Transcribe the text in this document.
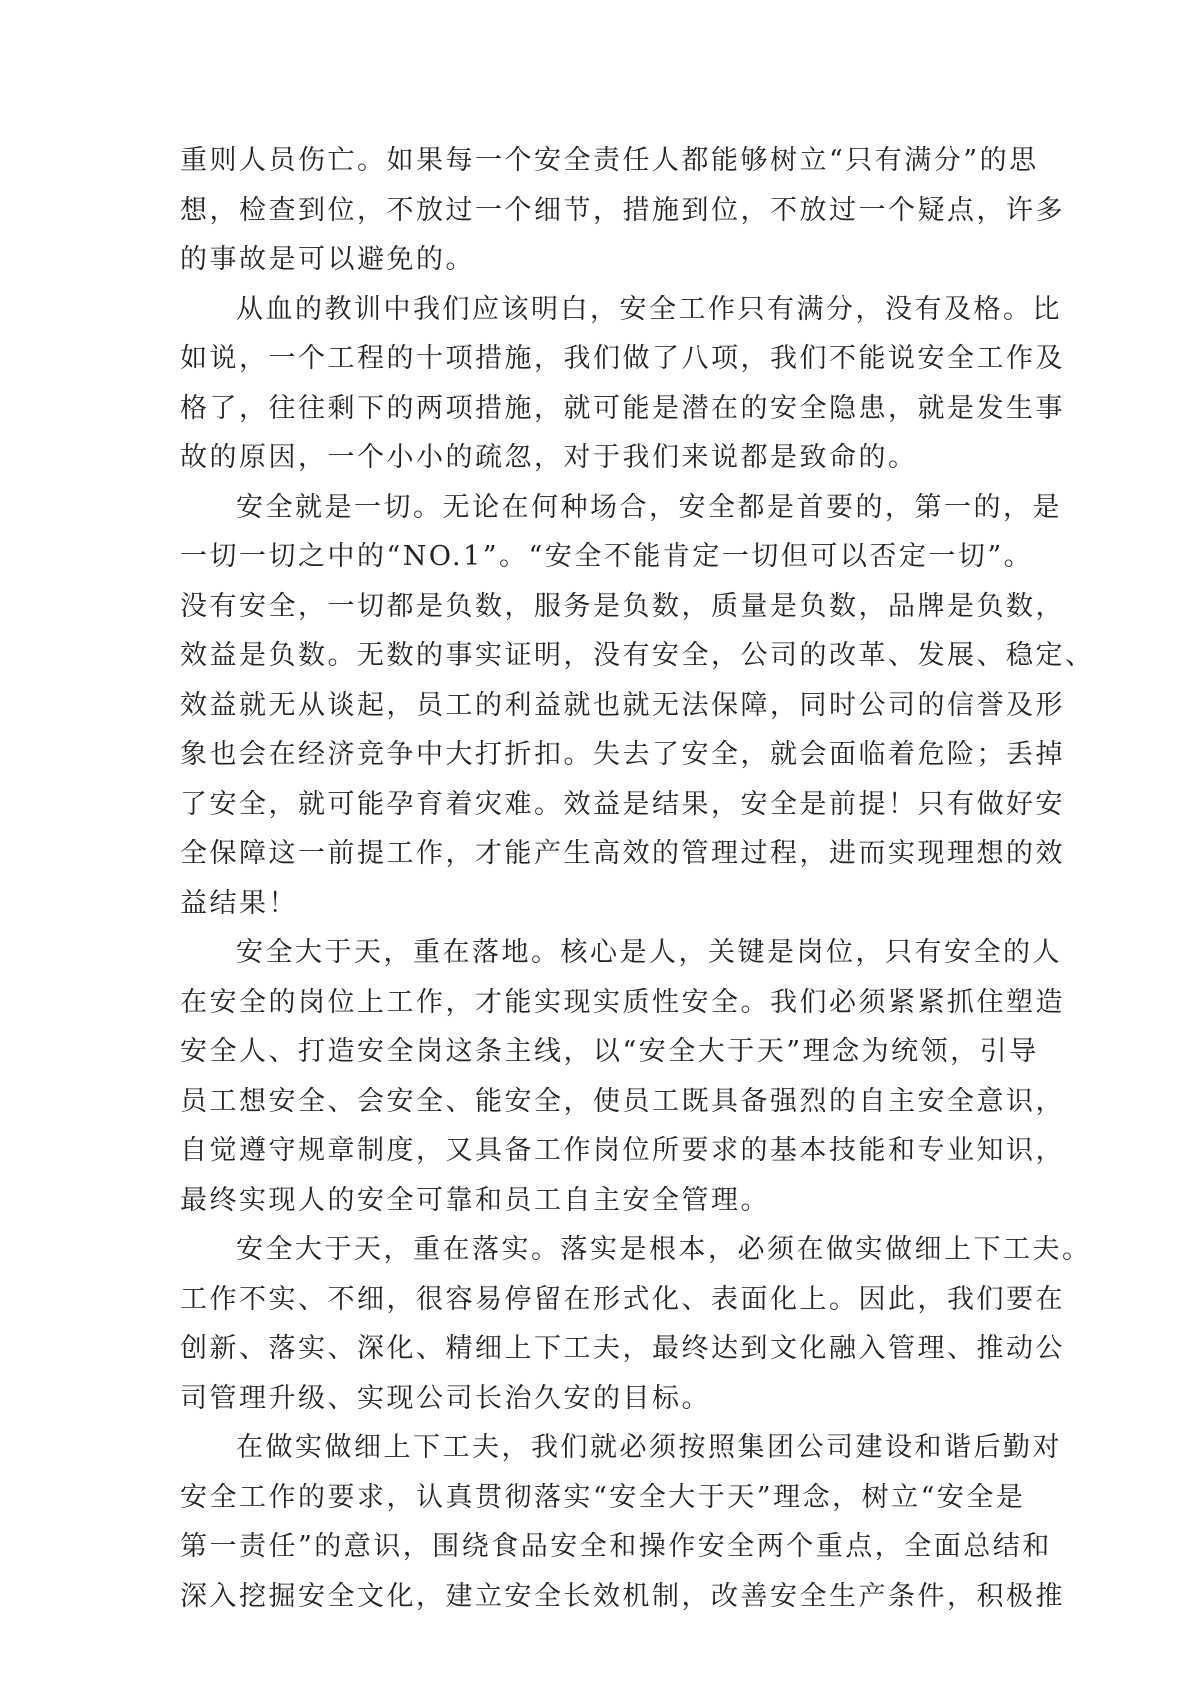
重则人员伤亡。如果每一个安全责任人都能够树立“只有满分”的思
想，检查到位，不放过一个细节，措施到位，不放过一个疑点，许多
的事故是可以避免的。
从血的教训中我们应该明白，安全工作只有满分，没有及格。比
如说，一个工程的十项措施，我们做了八项，我们不能说安全工作及
格了，往往剩下的两项措施，就可能是潜在的安全隐患，就是发生事
故的原因，一个小小的疏忽，对于我们来说都是致命的。
安全就是一切。无论在何种场合，安全都是首要的，第一的，是
一切一切之中的“NO.1”。“安全不能肯定一切但可以否定一切”。
没有安全，一切都是负数，服务是负数，质量是负数，品牌是负数，
效益是负数。无数的事实证明，没有安全，公司的改革、发展、稳定、
效益就无从谈起，员工的利益就也就无法保障，同时公司的信誉及形
象也会在经济竞争中大打折扣。失去了安全，就会面临着危险；丢掉
了安全，就可能孕育着灾难。效益是结果，安全是前提！只有做好安
全保障这一前提工作，才能产生高效的管理过程，进而实现理想的效
益结果！
安全大于天，重在落地。核心是人，关键是岗位，只有安全的人
在安全的岗位上工作，才能实现实质性安全。我们必须紧紧抓住塑造
安全人、打造安全岗这条主线，以“安全大于天”理念为统领，引导
员工想安全、会安全、能安全，使员工既具备强烈的自主安全意识，
自觉遵守规章制度，又具备工作岗位所要求的基本技能和专业知识，
最终实现人的安全可靠和员工自主安全管理。
安全大于天，重在落实。落实是根本，必须在做实做细上下工夫。
工作不实、不细，很容易停留在形式化、表面化上。因此，我们要在
创新、落实、深化、精细上下工夫，最终达到文化融入管理、推动公
司管理升级、实现公司长治久安的目标。
在做实做细上下工夫，我们就必须按照集团公司建设和谐后勤对
安全工作的要求，认真贯彻落实“安全大于天”理念，树立“安全是
第一责任”的意识，围绕食品安全和操作安全两个重点，全面总结和
深入挖掘安全文化，建立安全长效机制，改善安全生产条件，积极推
